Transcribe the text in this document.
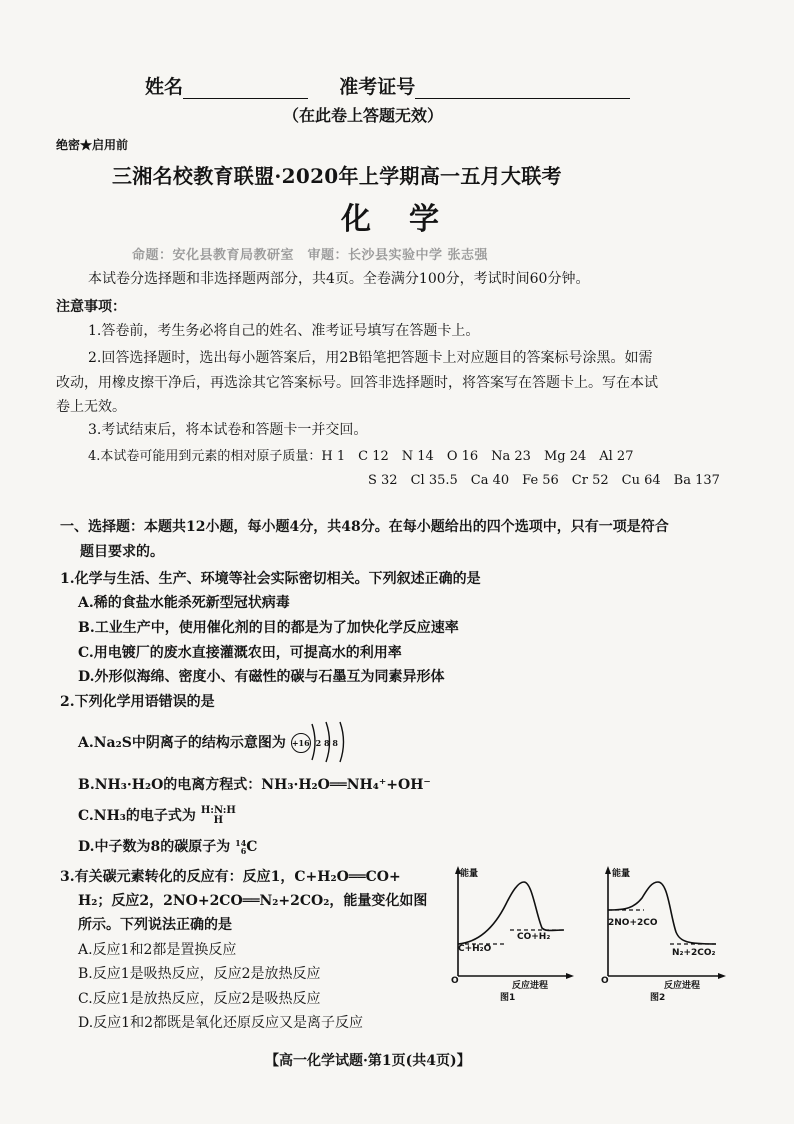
姓名	准考证号
（在此卷上答题无效）
绝密★启用前
三湘名校教育联盟·2020年上学期高一五月大联考
化　学
命题：安化县教育局教研室　审题：长沙县实验中学 张志强
本试卷分选择题和非选择题两部分，共4页。全卷满分100分，考试时间60分钟。
注意事项：
1.答卷前，考生务必将自己的姓名、准考证号填写在答题卡上。
2.回答选择题时，选出每小题答案后，用2B铅笔把答题卡上对应题目的答案标号涂黑。如需
改动，用橡皮擦干净后，再选涂其它答案标号。回答非选择题时，将答案写在答题卡上。写在本试
卷上无效。
3.考试结束后，将本试卷和答题卡一并交回。
4.本试卷可能用到元素的相对原子质量：H 1　C 12　N 14　O 16　Na 23　Mg 24　Al 27
S 32　Cl 35.5　Ca 40　Fe 56　Cr 52　Cu 64　Ba 137
一、选择题：本题共12小题，每小题4分，共48分。在每小题给出的四个选项中，只有一项是符合
题目要求的。
1.化学与生活、生产、环境等社会实际密切相关。下列叙述正确的是
A.稀的食盐水能杀死新型冠状病毒
B.工业生产中，使用催化剂的目的都是为了加快化学反应速率
C.用电镀厂的废水直接灌溉农田，可提高水的利用率
D.外形似海绵、密度小、有磁性的碳与石墨互为同素异形体
2.下列化学用语错误的是
A.Na₂S中阴离子的结构示意图为 +16 2 8 8
B.NH₃·H₂O的电离方程式：NH₃·H₂O══NH₄⁺+OH⁻
C.NH₃的电子式为 H:N:H
H
D.中子数为8的碳原子为 14
6C
3.有关碳元素转化的反应有：反应1，C+H₂O══CO+
H₂；反应2，2NO+2CO══N₂+2CO₂，能量变化如图
所示。下列说法正确的是
A.反应1和2都是置换反应
B.反应1是吸热反应，反应2是放热反应
C.反应1是放热反应，反应2是吸热反应
D.反应1和2都既是氧化还原反应又是离子反应
能量
C+H₂O
CO+H₂
O	反应进程
图1
能量
2NO+2CO
N₂+2CO₂
O	反应进程
图2
【高一化学试题·第1页(共4页)】
